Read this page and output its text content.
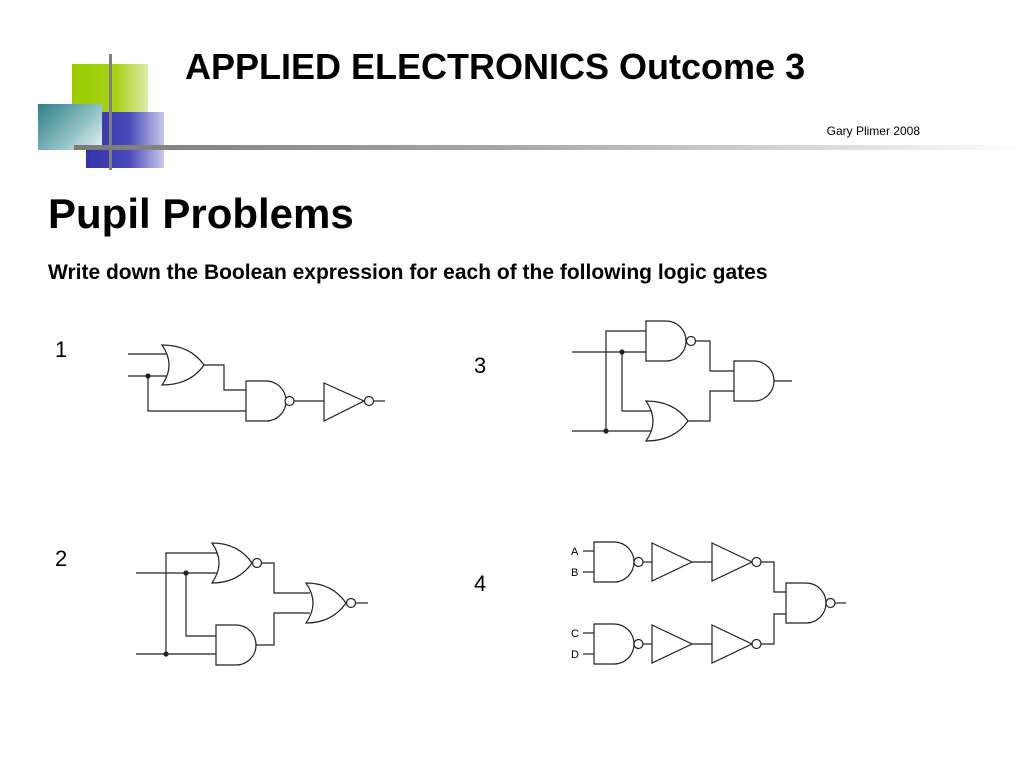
APPLIED ELECTRONICS Outcome 3
Gary Plimer 2008
Pupil Problems
Write down the Boolean expression for each of the following logic gates
1
2
3
4
A
B
C
D
